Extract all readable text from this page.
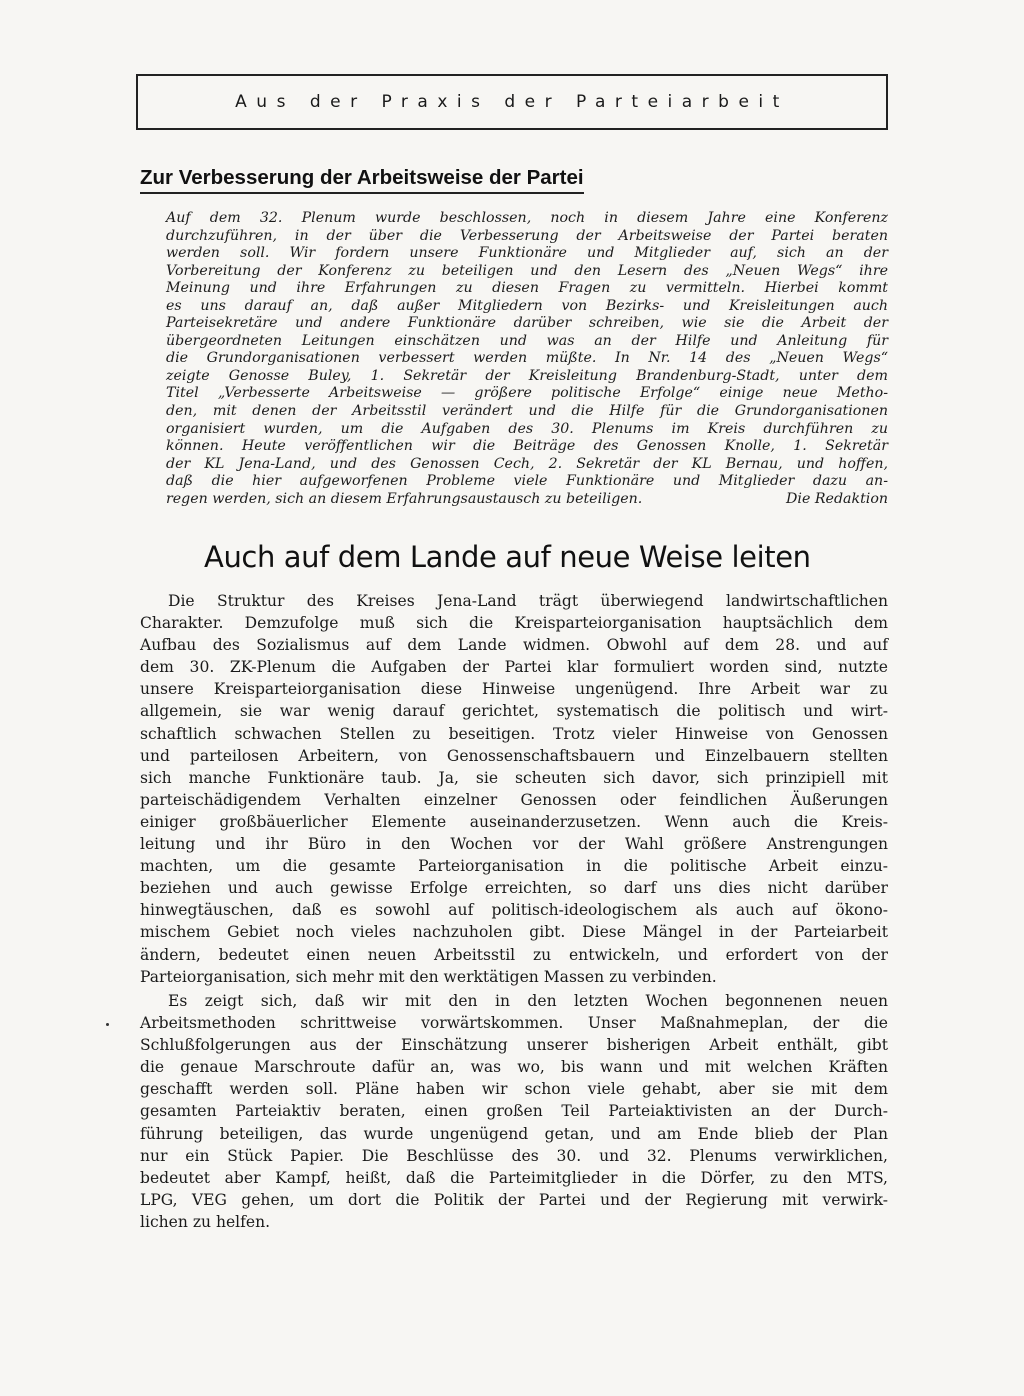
Aus der Praxis der Parteiarbeit
Zur Verbesserung der Arbeitsweise der Partei
Auf dem 32. Plenum wurde beschlossen, noch in diesem Jahre eine Konferenz
durchzuführen, in der über die Verbesserung der Arbeitsweise der Partei beraten
werden soll. Wir fordern unsere Funktionäre und Mitglieder auf, sich an der
Vorbereitung der Konferenz zu beteiligen und den Lesern des „Neuen Wegs“ ihre
Meinung und ihre Erfahrungen zu diesen Fragen zu vermitteln. Hierbei kommt
es uns darauf an, daß außer Mitgliedern von Bezirks- und Kreisleitungen auch
Parteisekretäre und andere Funktionäre darüber schreiben, wie sie die Arbeit der
übergeordneten Leitungen einschätzen und was an der Hilfe und Anleitung für
die Grundorganisationen verbessert werden müßte. In Nr. 14 des „Neuen Wegs“
zeigte Genosse Buley, 1. Sekretär der Kreisleitung Brandenburg-Stadt, unter dem
Titel „Verbesserte Arbeitsweise — größere politische Erfolge“ einige neue Metho-
den, mit denen der Arbeitsstil verändert und die Hilfe für die Grundorganisationen
organisiert wurden, um die Aufgaben des 30. Plenums im Kreis durchführen zu
können. Heute veröffentlichen wir die Beiträge des Genossen Knolle, 1. Sekretär
der KL Jena-Land, und des Genossen Cech, 2. Sekretär der KL Bernau, und hoffen,
daß die hier aufgeworfenen Probleme viele Funktionäre und Mitglieder dazu an-
regen werden, sich an diesem Erfahrungsaustausch zu beteiligen.	Die Redaktion
Auch auf dem Lande auf neue Weise leiten
Die Struktur des Kreises Jena-Land trägt überwiegend landwirtschaftlichen
Charakter. Demzufolge muß sich die Kreisparteiorganisation hauptsächlich dem
Aufbau des Sozialismus auf dem Lande widmen. Obwohl auf dem 28. und auf
dem 30. ZK-Plenum die Aufgaben der Partei klar formuliert worden sind, nutzte
unsere Kreisparteiorganisation diese Hinweise ungenügend. Ihre Arbeit war zu
allgemein, sie war wenig darauf gerichtet, systematisch die politisch und wirt-
schaftlich schwachen Stellen zu beseitigen. Trotz vieler Hinweise von Genossen
und parteilosen Arbeitern, von Genossenschaftsbauern und Einzelbauern stellten
sich manche Funktionäre taub. Ja, sie scheuten sich davor, sich prinzipiell mit
parteischädigendem Verhalten einzelner Genossen oder feindlichen Äußerungen
einiger großbäuerlicher Elemente auseinanderzusetzen. Wenn auch die Kreis-
leitung und ihr Büro in den Wochen vor der Wahl größere Anstrengungen
machten, um die gesamte Parteiorganisation in die politische Arbeit einzu-
beziehen und auch gewisse Erfolge erreichten, so darf uns dies nicht darüber
hinwegtäuschen, daß es sowohl auf politisch-ideologischem als auch auf ökono-
mischem Gebiet noch vieles nachzuholen gibt. Diese Mängel in der Parteiarbeit
ändern, bedeutet einen neuen Arbeitsstil zu entwickeln, und erfordert von der
Parteiorganisation, sich mehr mit den werktätigen Massen zu verbinden.
Es zeigt sich, daß wir mit den in den letzten Wochen begonnenen neuen
Arbeitsmethoden schrittweise vorwärtskommen. Unser Maßnahmeplan, der die
Schlußfolgerungen aus der Einschätzung unserer bisherigen Arbeit enthält, gibt
die genaue Marschroute dafür an, was wo, bis wann und mit welchen Kräften
geschafft werden soll. Pläne haben wir schon viele gehabt, aber sie mit dem
gesamten Parteiaktiv beraten, einen großen Teil Parteiaktivisten an der Durch-
führung beteiligen, das wurde ungenügend getan, und am Ende blieb der Plan
nur ein Stück Papier. Die Beschlüsse des 30. und 32. Plenums verwirklichen,
bedeutet aber Kampf, heißt, daß die Parteimitglieder in die Dörfer, zu den MTS,
LPG, VEG gehen, um dort die Politik der Partei und der Regierung mit verwirk-
lichen zu helfen.
